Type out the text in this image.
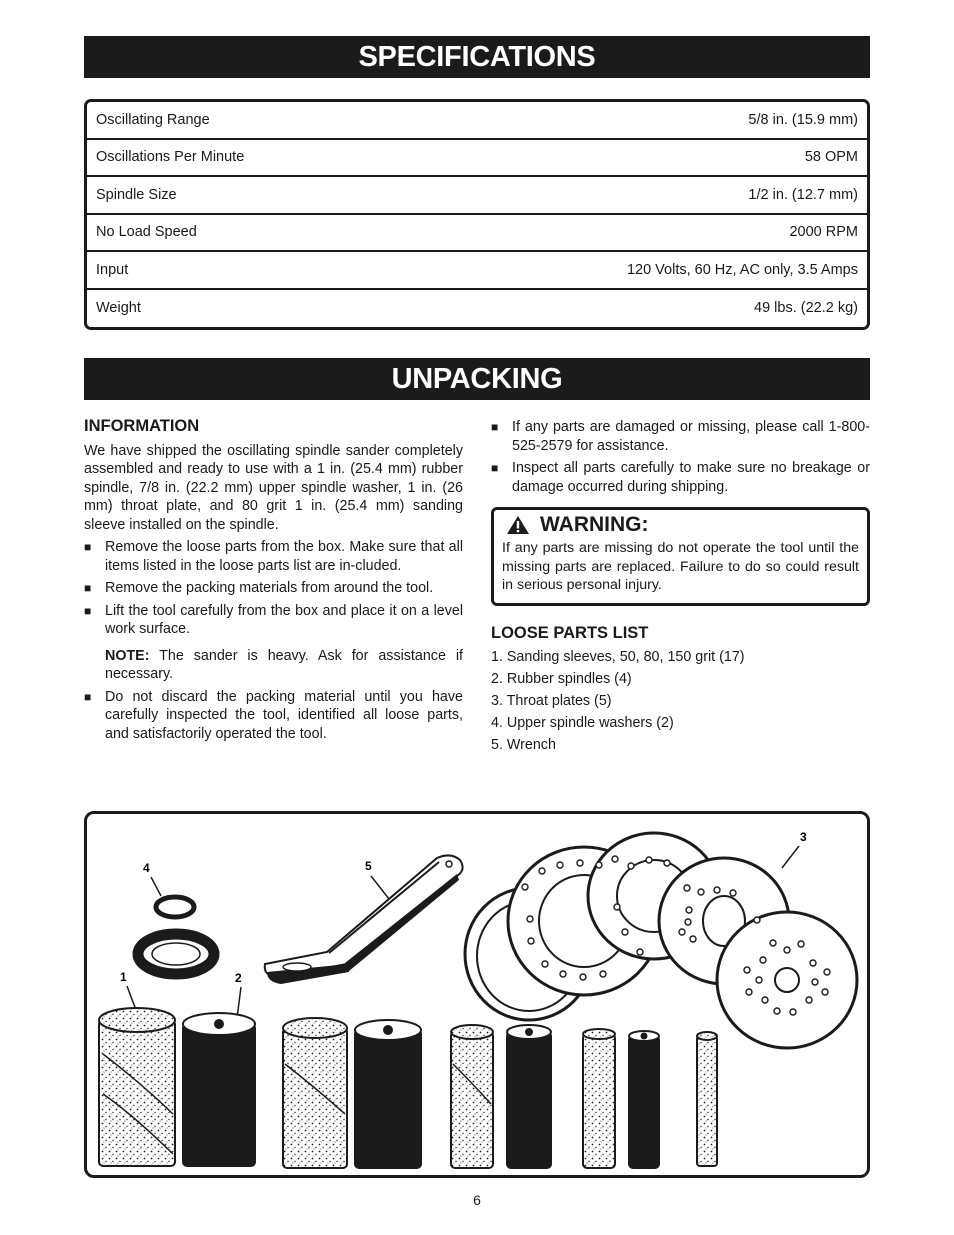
SPECIFICATIONS
Oscillating Range	5/8 in. (15.9 mm)
Oscillations Per Minute	58 OPM
Spindle Size	1/2 in. (12.7 mm)
No Load Speed	2000 RPM
Input	120 Volts, 60 Hz, AC only, 3.5 Amps
Weight	49 lbs. (22.2 kg)
UNPACKING
INFORMATION

We have shipped the oscillating spindle sander completely assembled and ready to use with a 1 in. (25.4 mm) rubber spindle, 7/8 in. (22.2 mm) upper spindle washer, 1 in. (26 mm) throat plate, and 80 grit 1 in. (25.4 mm) sanding sleeve installed on the spindle.

■ Remove the loose parts from the box. Make sure that all items listed in the loose parts list are in-cluded.
■ Remove the packing materials from around the tool.
■ Lift the tool carefully from the box and place it on a level work surface.

NOTE: The sander is heavy. Ask for assistance if necessary.

■ Do not discard the packing material until you have carefully inspected the tool, identified all loose parts, and satisfactorily operated the tool.
■ If any parts are damaged or missing, please call 1-800-525-2579 for assistance.
■ Inspect all parts carefully to make sure no breakage or damage occurred during shipping.
WARNING:

If any parts are missing do not operate the tool until the missing parts are replaced. Failure to do so could result in serious personal injury.

LOOSE PARTS LIST
1. Sanding sleeves, 50, 80, 150 grit (17)
2. Rubber spindles (4)
3. Throat plates (5)
4. Upper spindle washers (2)
5. Wrench
4	5
3
1	2
6
